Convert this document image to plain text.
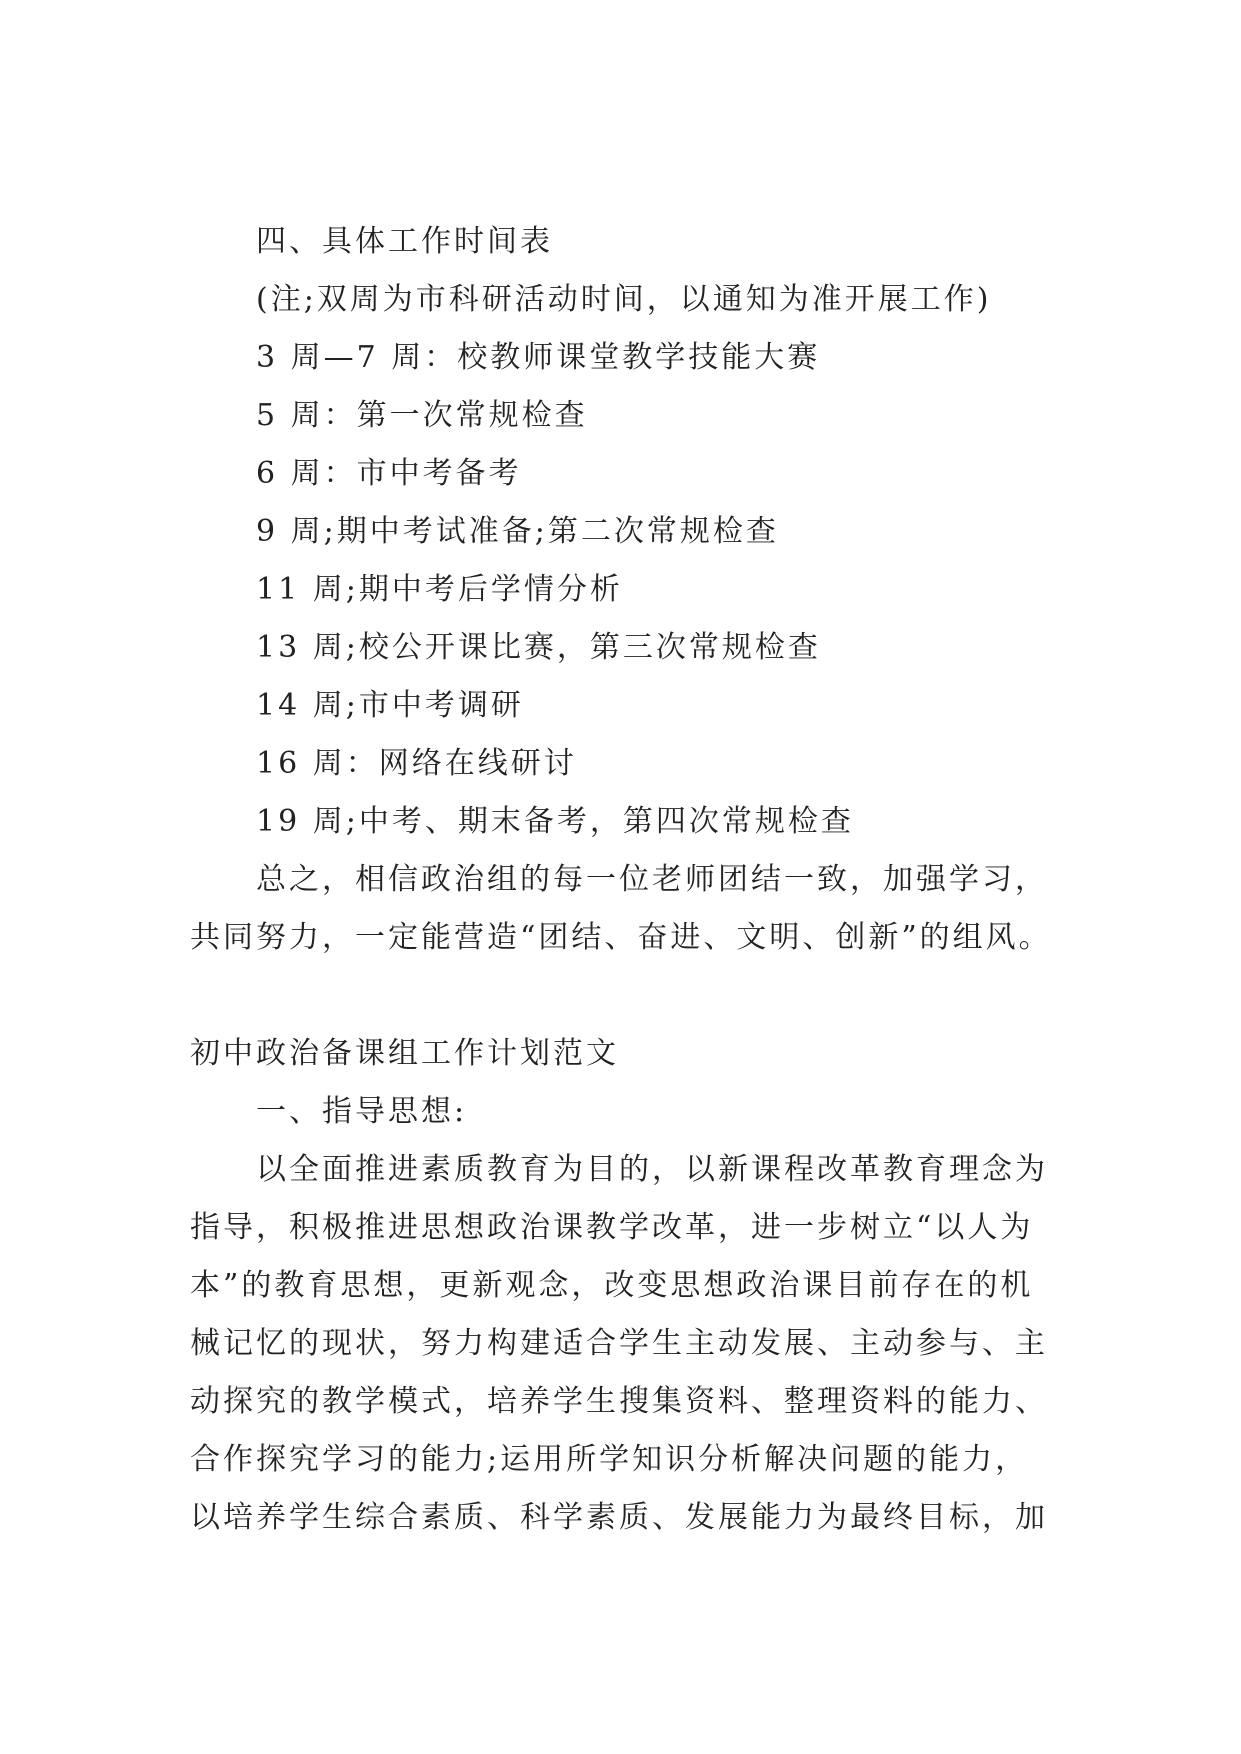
四、具体工作时间表
(注;双周为市科研活动时间，以通知为准开展工作)
3 周—7 周：校教师课堂教学技能大赛
5 周：第一次常规检查
6 周：市中考备考
9 周;期中考试准备;第二次常规检查
11 周;期中考后学情分析
13 周;校公开课比赛，第三次常规检查
14 周;市中考调研
16 周：网络在线研讨
19 周;中考、期末备考，第四次常规检查
总之，相信政治组的每一位老师团结一致，加强学习，
共同努力，一定能营造“团结、奋进、文明、创新”的组风。
初中政治备课组工作计划范文
一、指导思想:
以全面推进素质教育为目的，以新课程改革教育理念为
指导，积极推进思想政治课教学改革，进一步树立“以人为
本”的教育思想，更新观念，改变思想政治课目前存在的机
械记忆的现状，努力构建适合学生主动发展、主动参与、主
动探究的教学模式，培养学生搜集资料、整理资料的能力、
合作探究学习的能力;运用所学知识分析解决问题的能力，
以培养学生综合素质、科学素质、发展能力为最终目标，加
